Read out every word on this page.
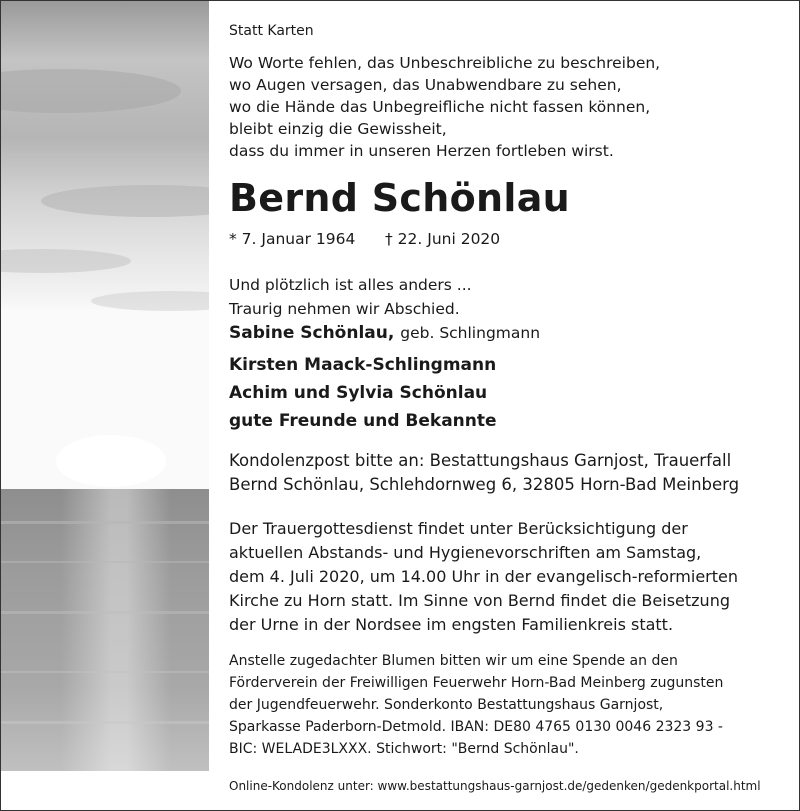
Statt Karten
Wo Worte fehlen, das Unbeschreibliche zu beschreiben,
wo Augen versagen, das Unabwendbare zu sehen,
wo die Hände das Unbegreifliche nicht fassen können,
bleibt einzig die Gewissheit,
dass du immer in unseren Herzen fortleben wirst.
Bernd Schönlau
* 7. Januar 1964 † 22. Juni 2020
Und plötzlich ist alles anders ...
Traurig nehmen wir Abschied.
Sabine Schönlau, geb. Schlingmann
Kirsten Maack-Schlingmann
Achim und Sylvia Schönlau
gute Freunde und Bekannte
Kondolenzpost bitte an: Bestattungshaus Garnjost, Trauerfall
Bernd Schönlau, Schlehdornweg 6, 32805 Horn-Bad Meinberg
Der Trauergottesdienst findet unter Berücksichtigung der
aktuellen Abstands- und Hygienevorschriften am Samstag,
dem 4. Juli 2020, um 14.00 Uhr in der evangelisch-reformierten
Kirche zu Horn statt. Im Sinne von Bernd findet die Beisetzung
der Urne in der Nordsee im engsten Familienkreis statt.
Anstelle zugedachter Blumen bitten wir um eine Spende an den
Förderverein der Freiwilligen Feuerwehr Horn-Bad Meinberg zugunsten
der Jugendfeuerwehr. Sonderkonto Bestattungshaus Garnjost,
Sparkasse Paderborn-Detmold. IBAN: DE80 4765 0130 0046 2323 93 -
BIC: WELADE3LXXX. Stichwort: "Bernd Schönlau".
Online-Kondolenz unter: www.bestattungshaus-garnjost.de/gedenken/gedenkportal.html
